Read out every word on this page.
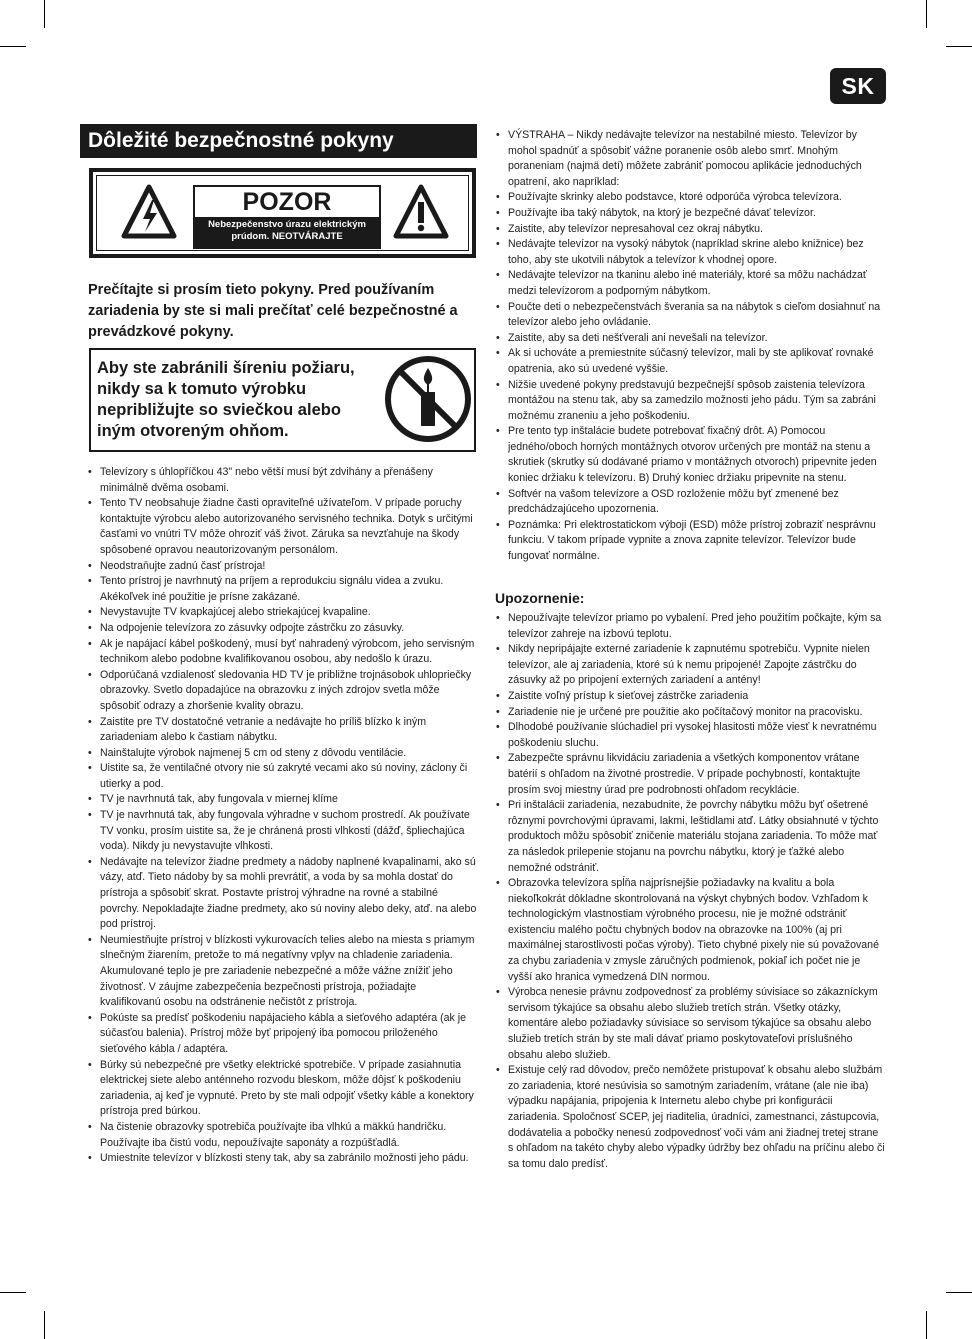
SK
Dôležité bezpečnostné pokyny
POZOR
Nebezpečenstvo úrazu elektrickým
prúdom. NEOTVÁRAJTE
Prečítajte si prosím tieto pokyny. Pred používaním zariadenia by ste si mali prečítať celé bezpečnostné a prevádzkové pokyny.
Aby ste zabránili šíreniu požiaru, nikdy sa k tomuto výrobku nepribližujte so sviečkou alebo iným otvoreným ohňom.
• Televízory s úhlopříčkou 43" nebo větší musí být zdvihány a přenášeny minimálně dvěma osobami.
• Tento TV neobsahuje žiadne časti opraviteľné užívateľom. V prípade poruchy kontaktujte výrobcu alebo autorizovaného servisného technika. Dotyk s určitými časťami vo vnútri TV môže ohroziť váš život. Záruka sa nevzťahuje na škody spôsobené opravou neautorizovaným personálom.
• Neodstraňujte zadnú časť prístroja!
• Tento prístroj je navrhnutý na príjem a reprodukciu signálu videa a zvuku. Akékoľvek iné použitie je prísne zakázané.
• Nevystavujte TV kvapkajúcej alebo striekajúcej kvapaline.
• Na odpojenie televízora zo zásuvky odpojte zástrčku zo zásuvky.
• Ak je napájací kábel poškodený, musí byť nahradený výrobcom, jeho servisným technikom alebo podobne kvalifikovanou osobou, aby nedošlo k úrazu.
• Odporúčaná vzdialenosť sledovania HD TV je približne trojnásobok uhlopriečky obrazovky. Svetlo dopadajúce na obrazovku z iných zdrojov svetla môže spôsobiť odrazy a zhoršenie kvality obrazu.
• Zaistite pre TV dostatočné vetranie a nedávajte ho príliš blízko k iným zariadeniam alebo k častiam nábytku.
• Nainštalujte výrobok najmenej 5 cm od steny z dôvodu ventilácie.
• Uistite sa, že ventilačné otvory nie sú zakryté vecami ako sú noviny, záclony či utierky a pod.
• TV je navrhnutá tak, aby fungovala v miernej klíme
• TV je navrhnutá tak, aby fungovala výhradne v suchom prostredí. Ak používate TV vonku, prosím uistite sa, že je chránená prosti vlhkosti (dážď, špliechajúca voda). Nikdy ju nevystavujte vlhkosti.
• Nedávajte na televízor žiadne predmety a nádoby naplnené kvapalinami, ako sú vázy, atď. Tieto nádoby by sa mohli prevrátiť, a voda by sa mohla dostať do prístroja a spôsobiť skrat. Postavte prístroj výhradne na rovné a stabilné povrchy. Nepokladajte žiadne predmety, ako sú noviny alebo deky, atď. na alebo pod prístroj.
• Neumiestňujte prístroj v blízkosti vykurovacích telies alebo na miesta s priamym slnečným žiarením, pretože to má negatívny vplyv na chladenie zariadenia. Akumulované teplo je pre zariadenie nebezpečné a môže vážne znížiť jeho životnosť. V záujme zabezpečenia bezpečnosti prístroja, požiadajte kvalifikovanú osobu na odstránenie nečistôt z prístroja.
• Pokúste sa predísť poškodeniu napájacieho kábla a sieťového adaptéra (ak je súčasťou balenia). Prístroj môže byť pripojený iba pomocou priloženého sieťového kábla / adaptéra.
• Búrky sú nebezpečné pre všetky elektrické spotrebiče. V prípade zasiahnutia elektrickej siete alebo anténneho rozvodu bleskom, môže dôjsť k poškodeniu zariadenia, aj keď je vypnuté. Preto by ste mali odpojiť všetky káble a konektory prístroja pred búrkou.
• Na čistenie obrazovky spotrebiča používajte iba vlhkú a mäkkú handričku. Používajte iba čistú vodu, nepoužívajte saponáty a rozpúšťadlá.
• Umiestnite televízor v blízkosti steny tak, aby sa zabránilo možnosti jeho pádu.
• VÝSTRAHA – Nikdy nedávajte televízor na nestabilné miesto. Televízor by mohol spadnúť a spôsobiť vážne poranenie osôb alebo smrť. Mnohým poraneniam (najmä detí) môžete zabrániť pomocou aplikácie jednoduchých opatrení, ako napríklad:
• Používajte skrinky alebo podstavce, ktoré odporúča výrobca televízora.
• Používajte iba taký nábytok, na ktorý je bezpečné dávať televízor.
• Zaistite, aby televízor nepresahoval cez okraj nábytku.
• Nedávajte televízor na vysoký nábytok (napríklad skrine alebo knižnice) bez toho, aby ste ukotvili nábytok a televízor k vhodnej opore.
• Nedávajte televízor na tkaninu alebo iné materiály, ktoré sa môžu nachádzať medzi televízorom a podporným nábytkom.
• Poučte deti o nebezpečenstvách šverania sa na nábytok s cieľom dosiahnuť na televízor alebo jeho ovládanie.
• Zaistite, aby sa deti nešťverali ani nevešali na televízor.
• Ak si uchováte a premiestnite súčasný televízor, mali by ste aplikovať rovnaké opatrenia, ako sú uvedené vyššie.
• Nižšie uvedené pokyny predstavujú bezpečnejší spôsob zaistenia televízora montážou na stenu tak, aby sa zamedzilo možnosti jeho pádu. Tým sa zabráni možnému zraneniu a jeho poškodeniu.
• Pre tento typ inštalácie budete potrebovať fixačný drôt. A) Pomocou jedného/oboch horných montážnych otvorov určených pre montáž na stenu a skrutiek (skrutky sú dodávané priamo v montážnych otvoroch) pripevnite jeden koniec držiaku k televízoru. B) Druhý koniec držiaku pripevnite na stenu.
• Softvér na vašom televízore a OSD rozloženie môžu byť zmenené bez predchádzajúceho upozornenia.
• Poznámka: Pri elektrostatickom výboji (ESD) môže prístroj zobraziť nesprávnu funkciu. V takom prípade vypnite a znova zapnite televízor. Televízor bude fungovať normálne.
Upozornenie:
• Nepoužívajte televízor priamo po vybalení. Pred jeho použitím počkajte, kým sa televízor zahreje na izbovú teplotu.
• Nikdy nepripájajte externé zariadenie k zapnutému spotrebiču. Vypnite nielen televízor, ale aj zariadenia, ktoré sú k nemu pripojené! Zapojte zástrčku do zásuvky až po pripojení externých zariadení a antény!
• Zaistite voľný prístup k sieťovej zástrčke zariadenia
• Zariadenie nie je určené pre použitie ako počítačový monitor na pracovisku.
• Dlhodobé používanie slúchadiel pri vysokej hlasitosti môže viesť k nevratnému poškodeniu sluchu.
• Zabezpečte správnu likvidáciu zariadenia a všetkých komponentov vrátane batérií s ohľadom na životné prostredie. V prípade pochybností, kontaktujte prosím svoj miestny úrad pre podrobnosti ohľadom recyklácie.
• Pri inštalácii zariadenia, nezabudnite, že povrchy nábytku môžu byť ošetrené rôznymi povrchovými úpravami, lakmi, leštidlami atď. Látky obsiahnuté v týchto produktoch môžu spôsobiť zničenie materiálu stojana zariadenia. To môže mať za následok prilepenie stojanu na povrchu nábytku, ktorý je ťažké alebo nemožné odstrániť.
• Obrazovka televízora spĺňa najprísnejšie požiadavky na kvalitu a bola niekoľkokrát dôkladne skontrolovaná na výskyt chybných bodov. Vzhľadom k technologickým vlastnostiam výrobného procesu, nie je možné odstrániť existenciu malého počtu chybných bodov na obrazovke na 100% (aj pri maximálnej starostlivosti počas výroby). Tieto chybné pixely nie sú považované za chybu zariadenia v zmysle záručných podmienok, pokiaľ ich počet nie je vyšší ako hranica vymedzená DIN normou.
• Výrobca nenesie právnu zodpovednosť za problémy súvisiace so zákazníckym servisom týkajúce sa obsahu alebo služieb tretích strán. Všetky otázky, komentáre alebo požiadavky súvisiace so servisom týkajúce sa obsahu alebo služieb tretích strán by ste mali dávať priamo poskytovateľovi príslušného obsahu alebo služieb.
• Existuje celý rad dôvodov, prečo nemôžete pristupovať k obsahu alebo službám zo zariadenia, ktoré nesúvisia so samotným zariadením, vrátane (ale nie iba) výpadku napájania, pripojenia k Internetu alebo chybe pri konfigurácii zariadenia. Spoločnosť SCEP, jej riaditelia, úradníci, zamestnanci, zástupcovia, dodávatelia a pobočky nenesú zodpovednosť voči vám ani žiadnej tretej strane s ohľadom na takéto chyby alebo výpadky údržby bez ohľadu na príčinu alebo či sa tomu dalo predísť.
